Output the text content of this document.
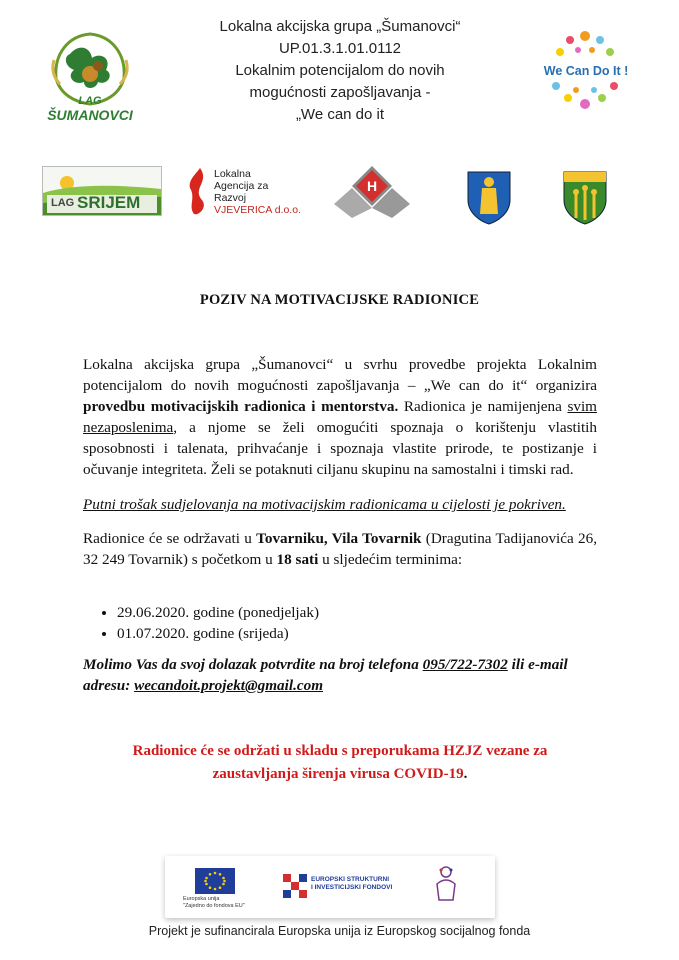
LAG
ŠUMANOVCI
Lokalna akcijska grupa „Šumanovci“
UP.01.3.1.01.0112
Lokalnim potencijalom do novih
mogućnosti zapošljavanja -
„We can do it
We Can Do It !
LAG SRIJEM
Lokalna
Agencija za
Razvoj
VJEVERICA d.o.o.
H
POZIV NA MOTIVACIJSKE RADIONICE
Lokalna akcijska grupa „Šumanovci“ u svrhu provedbe projekta Lokalnim potencijalom do novih mogućnosti zapošljavanja – „We can do it“ organizira provedbu motivacijskih radionica i mentorstva. Radionica je namijenjena svim nezaposlenima, a njome se želi omogućiti spoznaja o korištenju vlastitih sposobnosti i talenata, prihvaćanje i spoznaja vlastite prirode, te postizanje i očuvanje integriteta. Želi se potaknuti ciljanu skupinu na samostalni i timski rad.
Putni trošak sudjelovanja na motivacijskim radionicama u cijelosti je pokriven.
Radionice će se održavati u Tovarniku, Vila Tovarnik (Dragutina Tadijanovića 26, 32 249 Tovarnik) s početkom u 18 sati u sljedećim terminima:
• 29.06.2020. godine (ponedjeljak)
• 01.07.2020. godine (srijeda)
Molimo Vas da svoj dolazak potvrdite na broj telefona 095/722-7302 ili e-mail adresu: wecandoit.projekt@gmail.com
Radionice će se održati u skladu s preporukama HZJZ vezane za
zaustavljanja širenja virusa COVID-19.
Europska unija
"Zajedno do fondova EU"
EUROPSKI STRUKTURNI
I INVESTICIJSKI FONDOVI
Projekt je sufinancirala Europska unija iz Europskog socijalnog fonda
